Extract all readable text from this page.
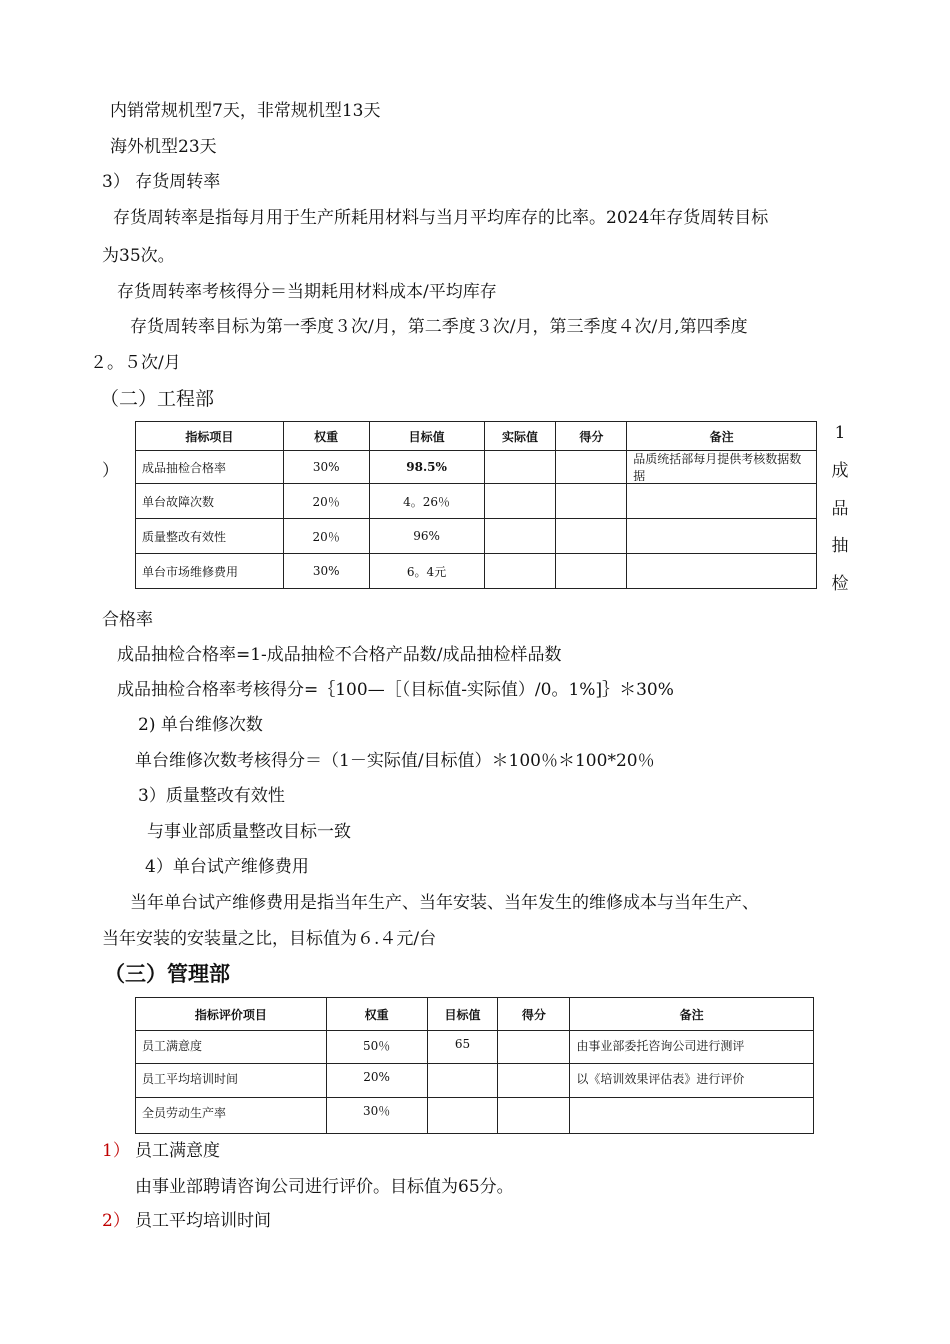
内销常规机型7天，非常规机型13天
海外机型23天
3） 存货周转率
存货周转率是指每月用于生产所耗用材料与当月平均库存的比率。2024年存货周转目标
为35次。
存货周转率考核得分＝当期耗用材料成本/平均库存
存货周转率目标为第一季度３次/月，第二季度３次/月，第三季度４次/月,第四季度
２。５次/月
（二）工程部
）
指标项目	权重	目标值	实际值	得分	备注
成品抽检合格率	30%	98.5%			品质统括部每月提供考核数据数据

单台故障次数	20％	4。26％			
质量整改有效性	20％	96%			
单台市场维修费用	30%	6。4元			
1
成
品
抽
检
合格率
成品抽检合格率=1-成品抽检不合格产品数/成品抽检样品数
成品抽检合格率考核得分=｛100—［（目标值-实际值）/0。1%]｝＊30%
2) 单台维修次数
单台维修次数考核得分＝（1－实际值/目标值）＊100％＊100*20％
3）质量整改有效性
与事业部质量整改目标一致
4）单台试产维修费用
当年单台试产维修费用是指当年生产、当年安装、当年发生的维修成本与当年生产、
当年安装的安装量之比，目标值为６.４元/台
（三）管理部
指标评价项目	权重	目标值	得分	备注
员工满意度	50％	65		由事业部委托咨询公司进行测评
员工平均培训时间	20%			以《培训效果评估表》进行评价
全员劳动生产率	30％			
1） 员工满意度
由事业部聘请咨询公司进行评价。目标值为65分。
2） 员工平均培训时间
